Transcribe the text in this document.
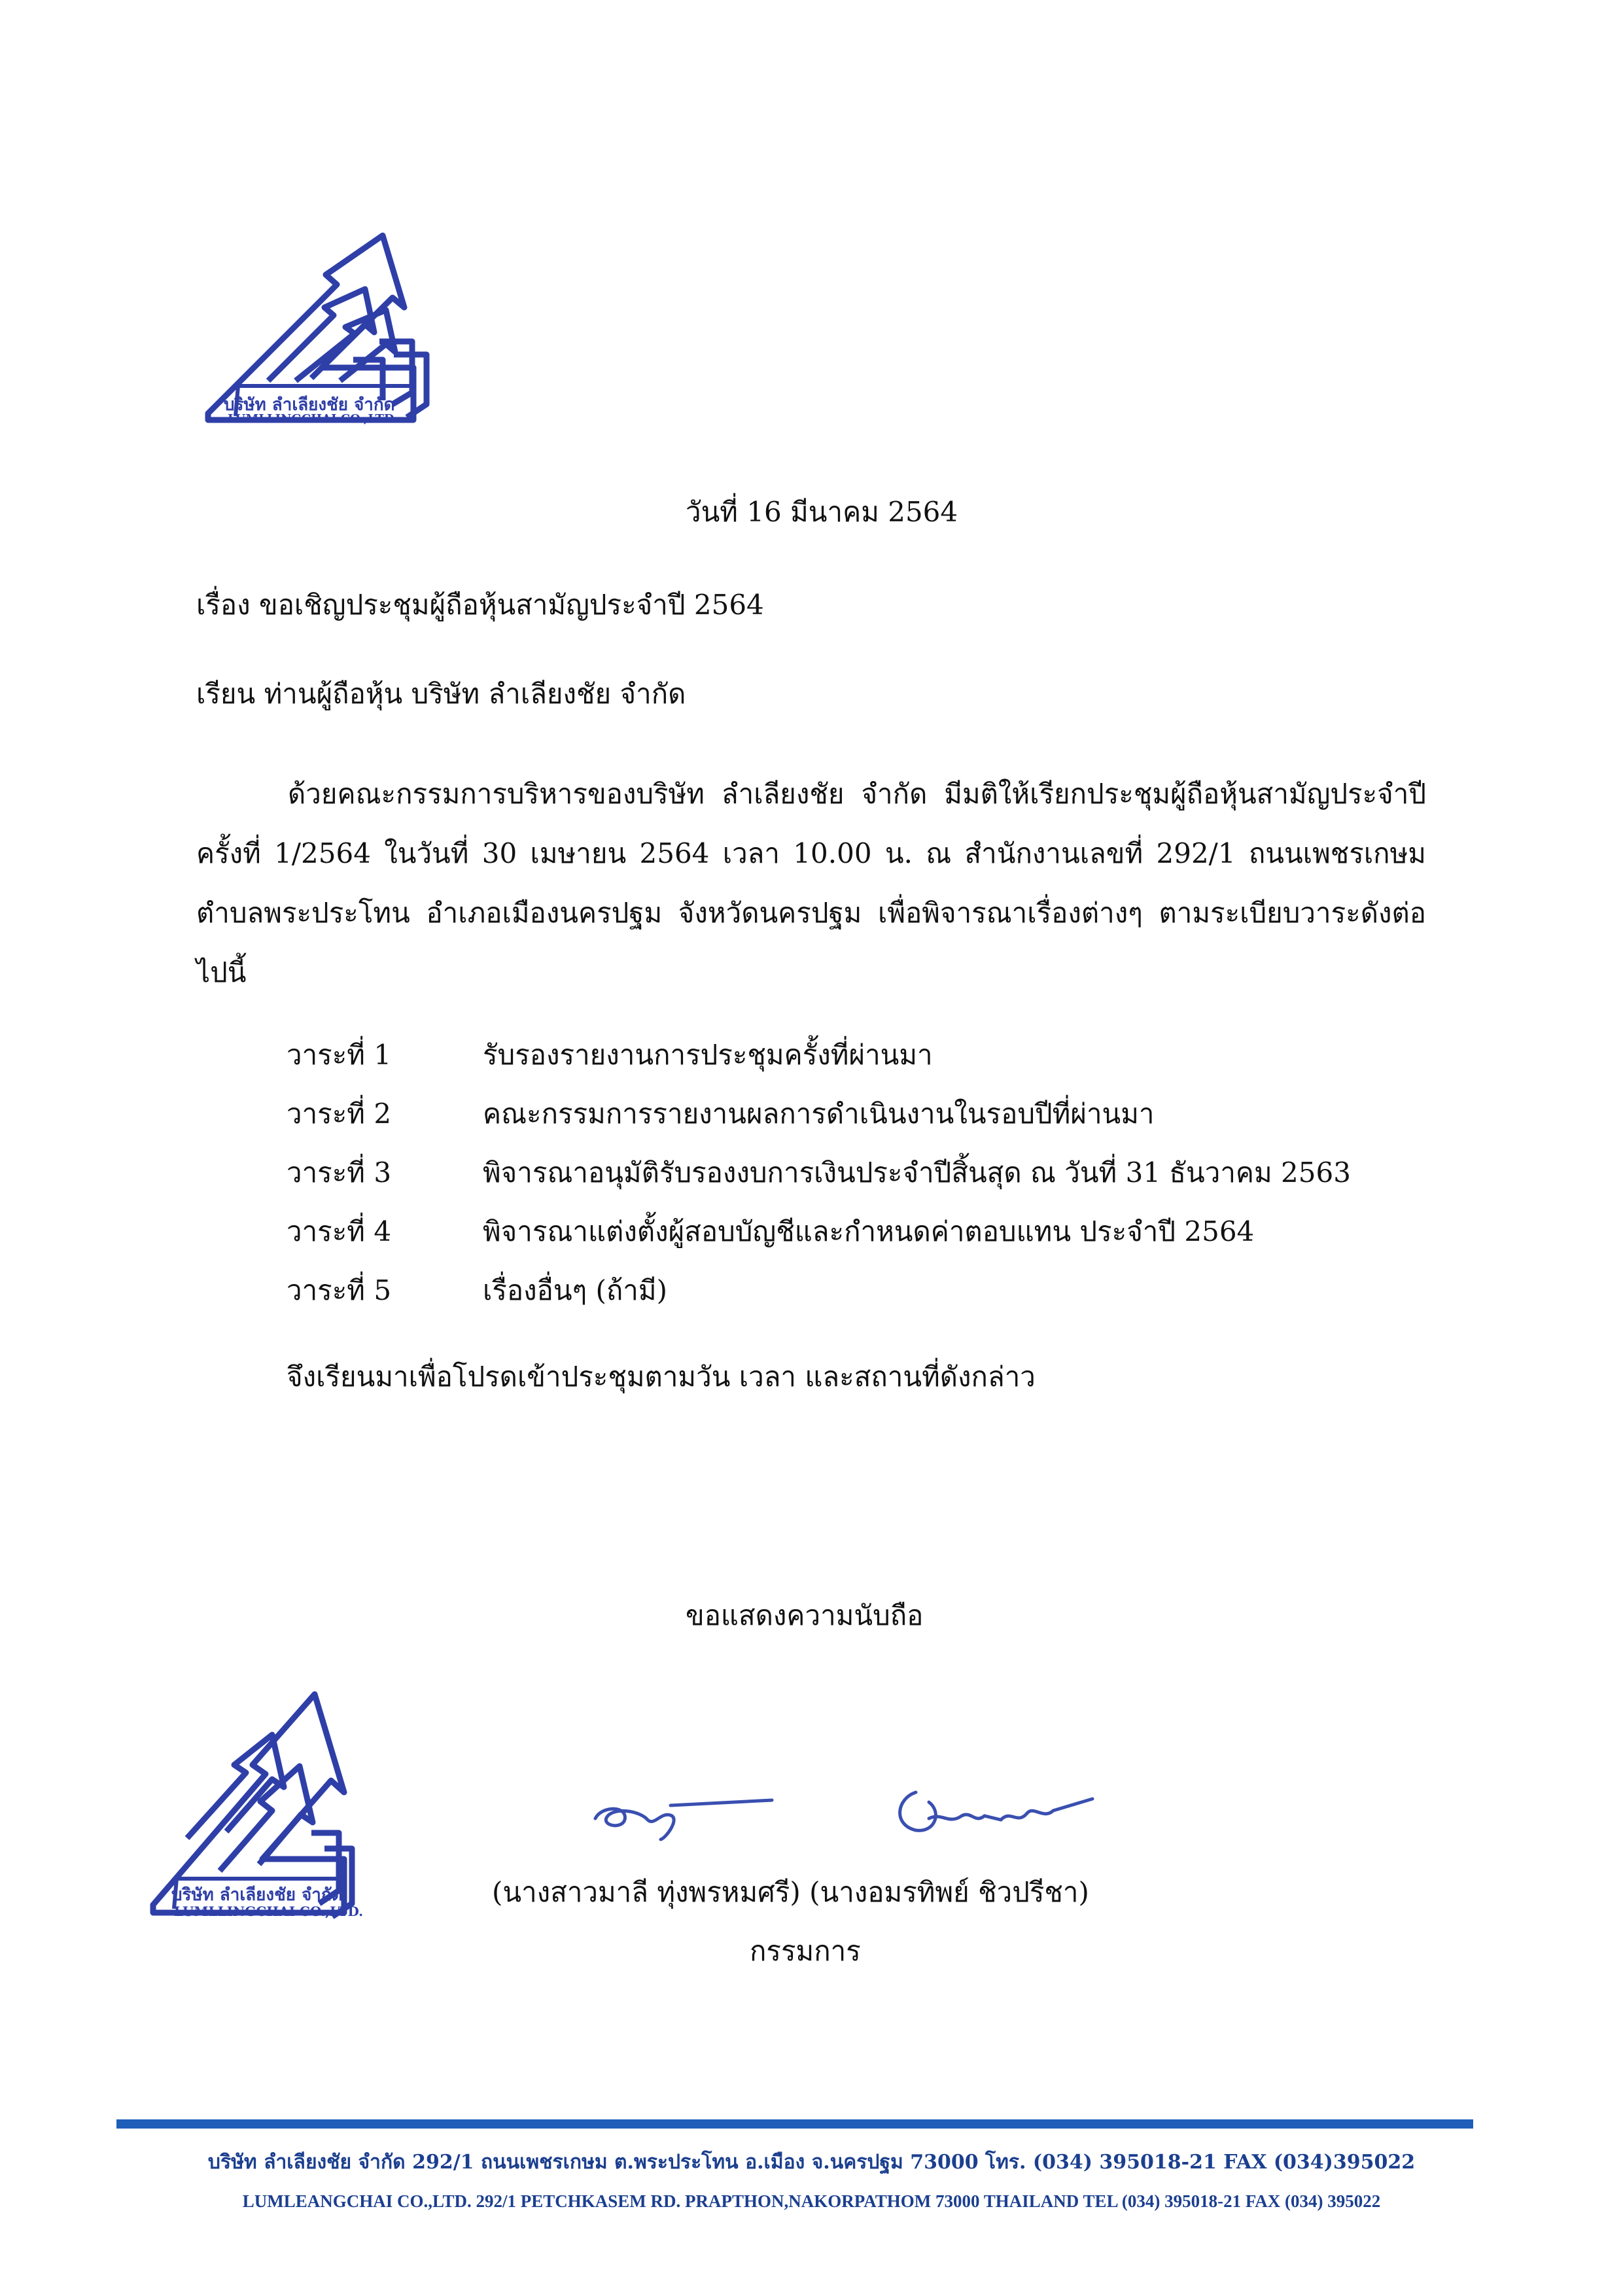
บริษัท ลำเลียงชัย จำกัด
LUMLLINGCHAI CO.,LTD.
วันที่ 16 มีนาคม 2564
เรื่อง ขอเชิญประชุมผู้ถือหุ้นสามัญประจำปี 2564
เรียน ท่านผู้ถือหุ้น บริษัท ลำเลียงชัย จำกัด
ด้วยคณะกรรมการบริหารของบริษัท ลำเลียงชัย จำกัด มีมติให้เรียกประชุมผู้ถือหุ้นสามัญประจำปี ครั้งที่ 1/2564 ในวันที่ 30 เมษายน 2564 เวลา 10.00 น. ณ สำนักงานเลขที่ 292/1 ถนนเพชรเกษม ตำบลพระประโทน อำเภอเมืองนครปฐม จังหวัดนครปฐม เพื่อพิจารณาเรื่องต่างๆ ตามระเบียบวาระดังต่อไปนี้
วาระที่ 1	รับรองรายงานการประชุมครั้งที่ผ่านมา
วาระที่ 2	คณะกรรมการรายงานผลการดำเนินงานในรอบปีที่ผ่านมา
วาระที่ 3	พิจารณาอนุมัติรับรองงบการเงินประจำปีสิ้นสุด ณ วันที่ 31 ธันวาคม 2563
วาระที่ 4	พิจารณาแต่งตั้งผู้สอบบัญชีและกำหนดค่าตอบแทน ประจำปี 2564
วาระที่ 5	เรื่องอื่นๆ (ถ้ามี)
จึงเรียนมาเพื่อโปรดเข้าประชุมตามวัน เวลา และสถานที่ดังกล่าว
ขอแสดงความนับถือ
บริษัท ลำเลียงชัย จำกัด
LUMLLINGCHAI CO.,LTD.
(นางสาวมาลี ทุ่งพรหมศรี) (นางอมรทิพย์ ชิวปรีชา)
กรรมการ
บริษัท ลำเลียงชัย จำกัด 292/1 ถนนเพชรเกษม ต.พระประโทน อ.เมือง จ.นครปฐม 73000 โทร. (034) 395018-21 FAX (034)395022
LUMLEANGCHAI CO.,LTD. 292/1 PETCHKASEM RD. PRAPTHON,NAKORPATHOM 73000 THAILAND TEL (034) 395018-21 FAX (034) 395022
